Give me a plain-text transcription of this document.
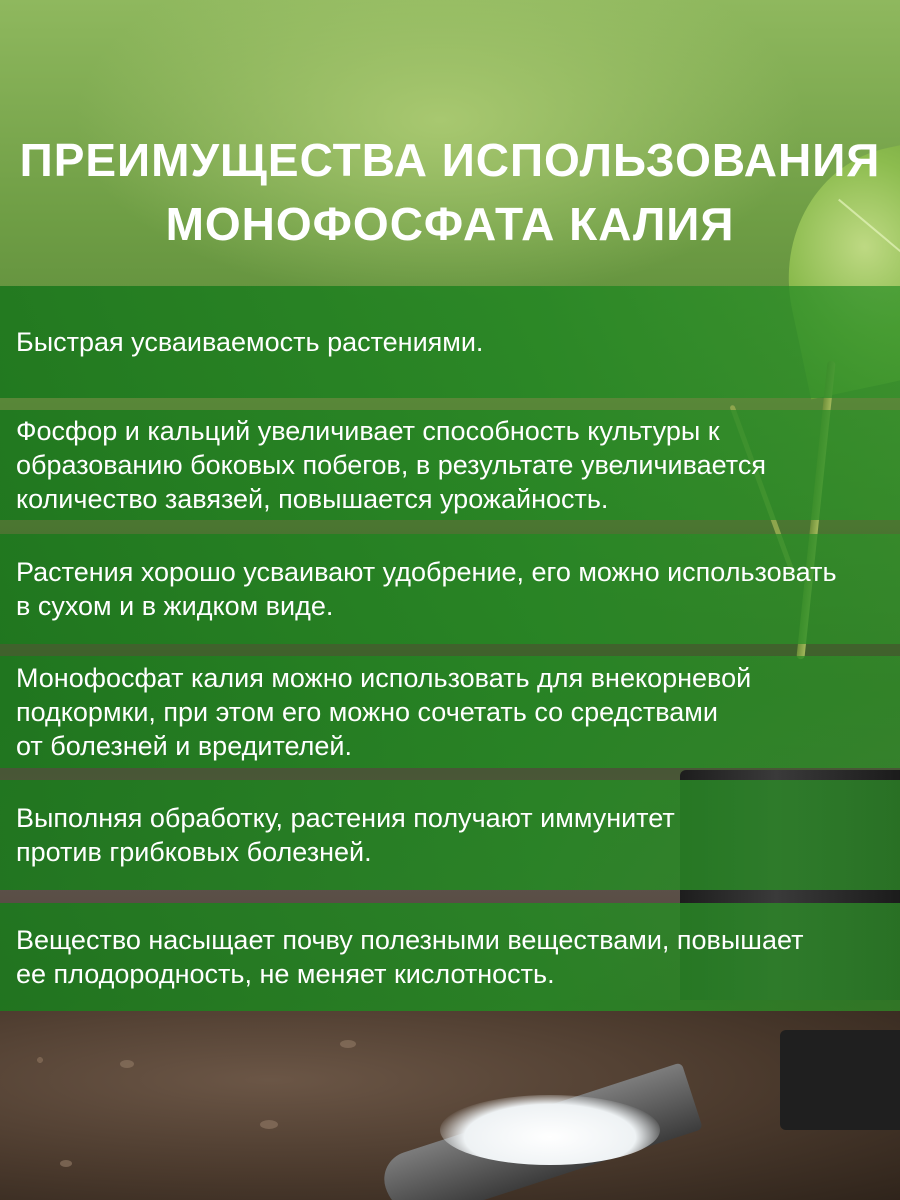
ПРЕИМУЩЕСТВА ИСПОЛЬЗОВАНИЯ
МОНОФОСФАТА КАЛИЯ
Быстрая усваиваемость растениями.
Фосфор и кальций увеличивает способность культуры к
образованию боковых побегов, в результате увеличивается
количество завязей, повышается урожайность.
Растения хорошо усваивают удобрение, его можно использовать
в сухом и в жидком виде.
Монофосфат калия можно использовать для внекорневой
подкормки, при этом его можно сочетать со средствами
от болезней и вредителей.
Выполняя обработку, растения получают иммунитет
против грибковых болезней.
Вещество насыщает почву полезными веществами, повышает
ее плодородность, не меняет кислотность.
